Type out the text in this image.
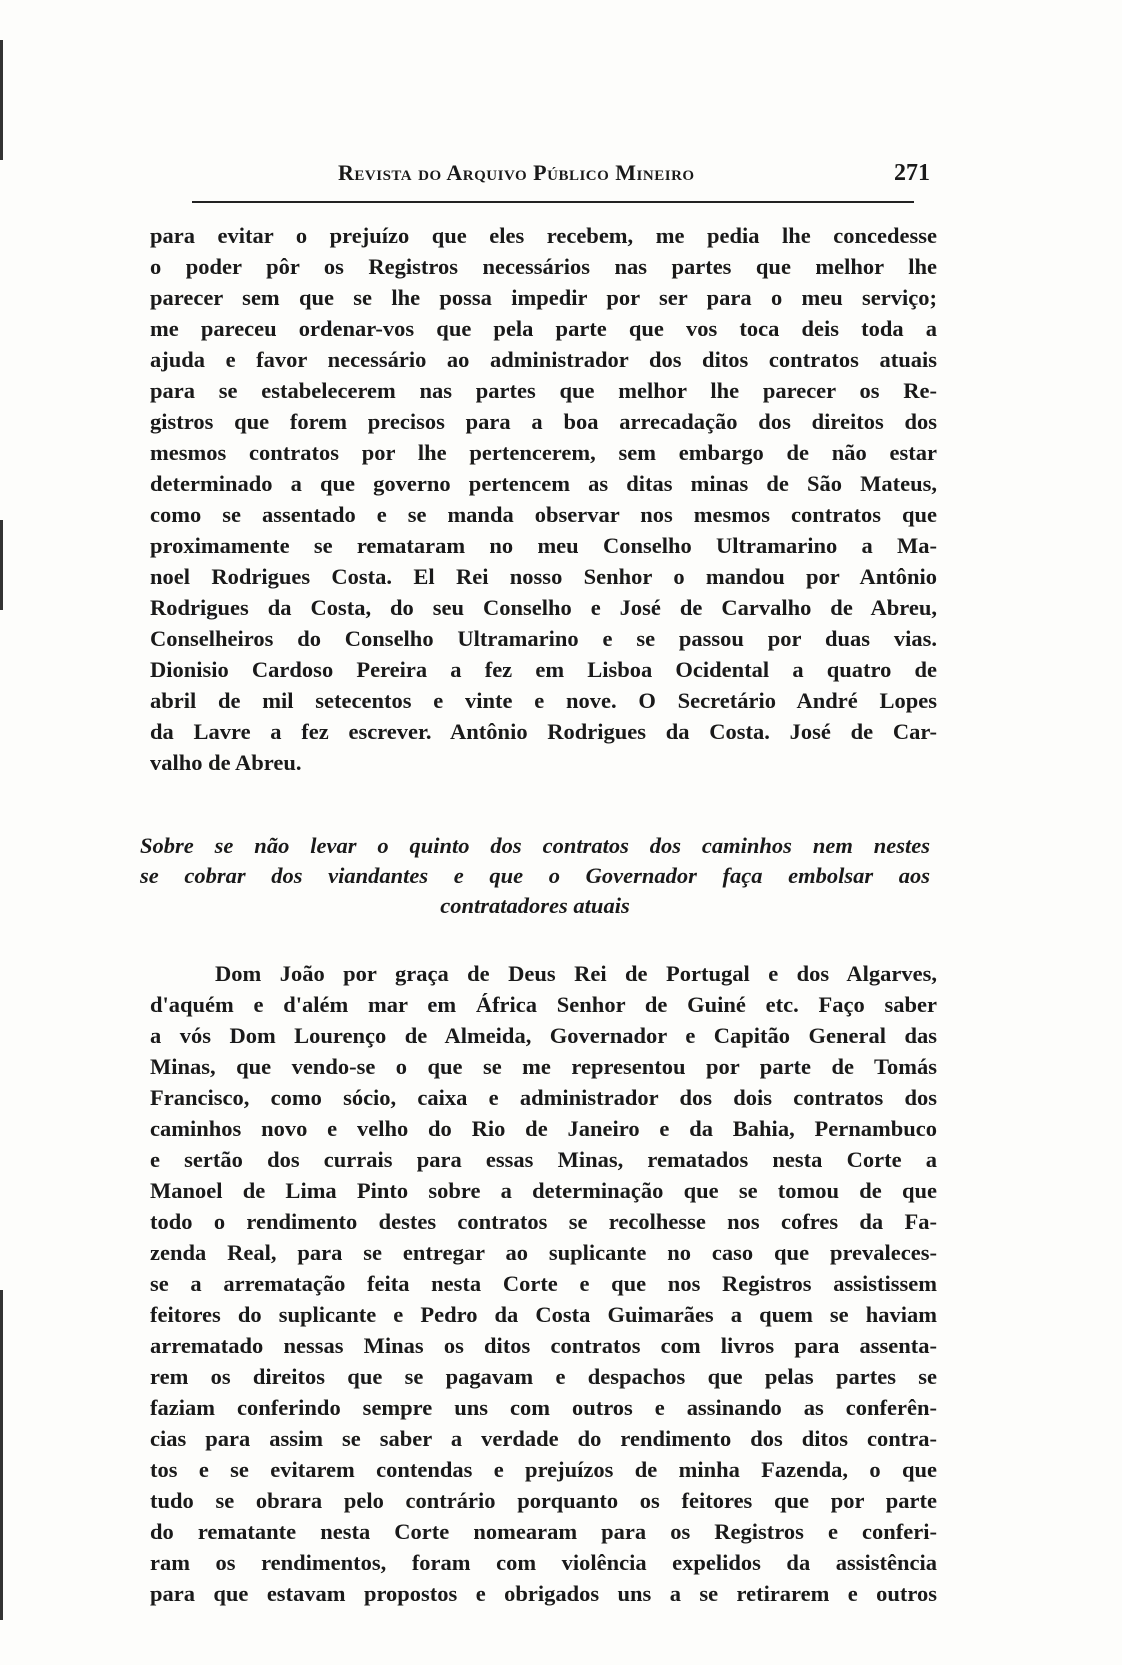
Revista do Arquivo Público Mineiro	271
para evitar o prejuízo que eles recebem, me pedia lhe concedesse
o poder pôr os Registros necessários nas partes que melhor lhe
parecer sem que se lhe possa impedir por ser para o meu serviço;
me pareceu ordenar-vos que pela parte que vos toca deis toda a
ajuda e favor necessário ao administrador dos ditos contratos atuais
para se estabelecerem nas partes que melhor lhe parecer os Re-
gistros que forem precisos para a boa arrecadação dos direitos dos
mesmos contratos por lhe pertencerem, sem embargo de não estar
determinado a que governo pertencem as ditas minas de São Mateus,
como se assentado e se manda observar nos mesmos contratos que
proximamente se remataram no meu Conselho Ultramarino a Ma-
noel Rodrigues Costa. El Rei nosso Senhor o mandou por Antônio
Rodrigues da Costa, do seu Conselho e José de Carvalho de Abreu,
Conselheiros do Conselho Ultramarino e se passou por duas vias.
Dionisio Cardoso Pereira a fez em Lisboa Ocidental a quatro de
abril de mil setecentos e vinte e nove. O Secretário André Lopes
da Lavre a fez escrever. Antônio Rodrigues da Costa. José de Car-
valho de Abreu.
Sobre se não levar o quinto dos contratos dos caminhos nem nestes
se cobrar dos viandantes e que o Governador faça embolsar aos
contratadores atuais
Dom João por graça de Deus Rei de Portugal e dos Algarves,
d'aquém e d'além mar em África Senhor de Guiné etc. Faço saber
a vós Dom Lourenço de Almeida, Governador e Capitão General das
Minas, que vendo-se o que se me representou por parte de Tomás
Francisco, como sócio, caixa e administrador dos dois contratos dos
caminhos novo e velho do Rio de Janeiro e da Bahia, Pernambuco
e sertão dos currais para essas Minas, rematados nesta Corte a
Manoel de Lima Pinto sobre a determinação que se tomou de que
todo o rendimento destes contratos se recolhesse nos cofres da Fa-
zenda Real, para se entregar ao suplicante no caso que prevaleces-
se a arrematação feita nesta Corte e que nos Registros assistissem
feitores do suplicante e Pedro da Costa Guimarães a quem se haviam
arrematado nessas Minas os ditos contratos com livros para assenta-
rem os direitos que se pagavam e despachos que pelas partes se
faziam conferindo sempre uns com outros e assinando as conferên-
cias para assim se saber a verdade do rendimento dos ditos contra-
tos e se evitarem contendas e prejuízos de minha Fazenda, o que
tudo se obrara pelo contrário porquanto os feitores que por parte
do rematante nesta Corte nomearam para os Registros e conferi-
ram os rendimentos, foram com violência expelidos da assistência
para que estavam propostos e obrigados uns a se retirarem e outros
